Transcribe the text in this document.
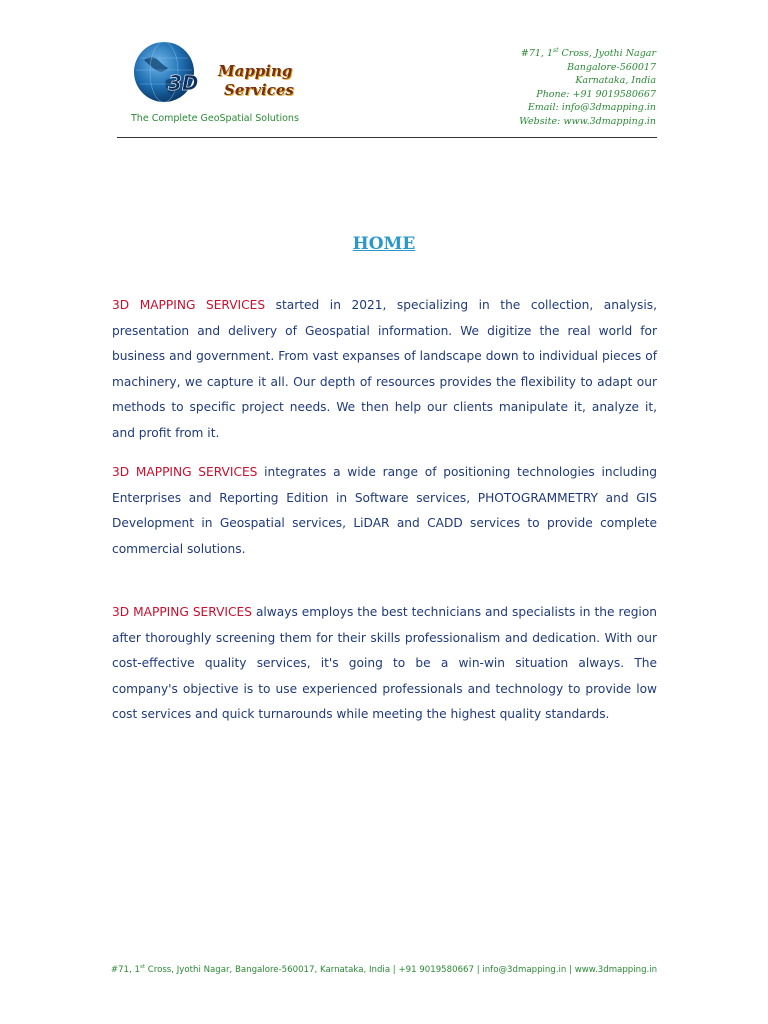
3D Mapping
Services
The Complete GeoSpatial Solutions
#71, 1st Cross, Jyothi Nagar
Bangalore-560017
Karnataka, India
Phone: +91 9019580667
Email: info@3dmapping.in
Website: www.3dmapping.in
HOME

3D MAPPING SERVICES started in 2021, specializing in the collection, analysis, presentation and delivery of Geospatial information. We digitize the real world for business and government. From vast expanses of landscape down to individual pieces of machinery, we capture it all. Our depth of resources provides the flexibility to adapt our methods to specific project needs. We then help our clients manipulate it, analyze it, and profit from it.

3D MAPPING SERVICES integrates a wide range of positioning technologies including Enterprises and Reporting Edition in Software services, PHOTOGRAMMETRY and GIS Development in Geospatial services, LiDAR and CADD services to provide complete commercial solutions.

3D MAPPING SERVICES always employs the best technicians and specialists in the region after thoroughly screening them for their skills professionalism and dedication. With our cost-effective quality services, it's going to be a win-win situation always. The company's objective is to use experienced professionals and technology to provide low cost services and quick turnarounds while meeting the highest quality standards.

#71, 1st Cross, Jyothi Nagar, Bangalore-560017, Karnataka, India | +91 9019580667 | info@3dmapping.in | www.3dmapping.in
